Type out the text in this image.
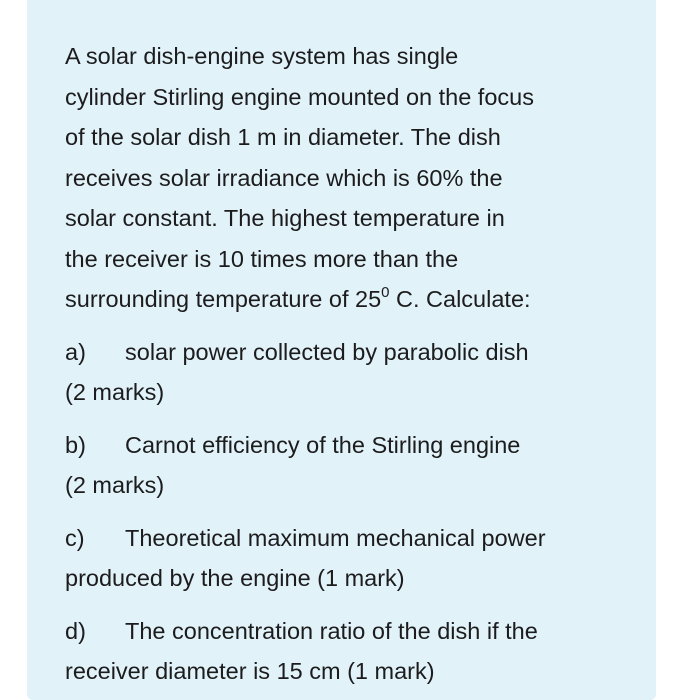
A solar dish-engine system has single
cylinder Stirling engine mounted on the focus
of the solar dish 1 m in diameter. The dish
receives solar irradiance which is 60% the
solar constant. The highest temperature in
the receiver is 10 times more than the
surrounding temperature of $25^0$ C. Calculate:

a) solar power collected by parabolic dish
(2 marks)

b) Carnot efficiency of the Stirling engine
(2 marks)

c) Theoretical maximum mechanical power
produced by the engine (1 mark)

d) The concentration ratio of the dish if the
receiver diameter is 15 cm (1 mark)
